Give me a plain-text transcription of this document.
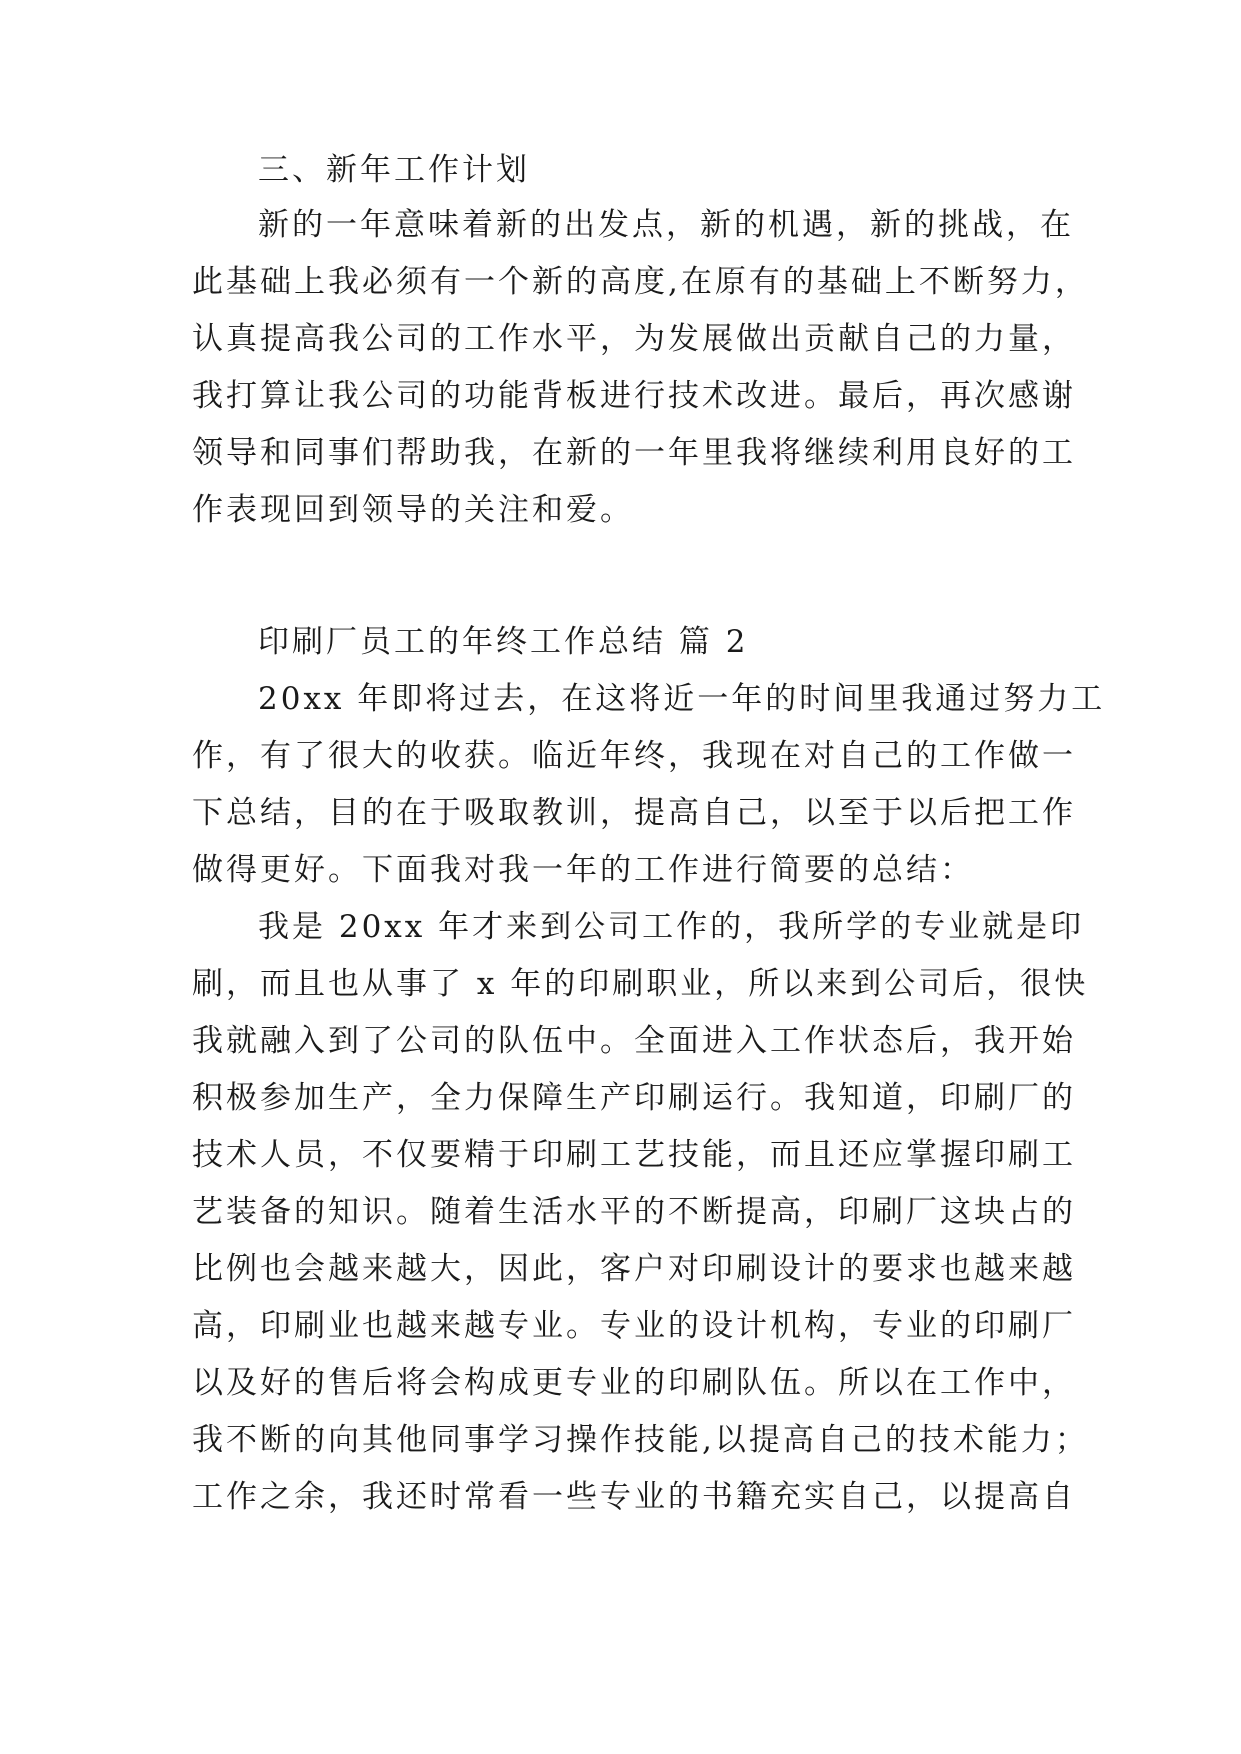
三、新年工作计划
新的一年意味着新的出发点，新的机遇，新的挑战，在
此基础上我必须有一个新的高度,在原有的基础上不断努力，
认真提高我公司的工作水平，为发展做出贡献自己的力量，
我打算让我公司的功能背板进行技术改进。最后，再次感谢
领导和同事们帮助我，在新的一年里我将继续利用良好的工
作表现回到领导的关注和爱。
印刷厂员工的年终工作总结 篇 2
20xx 年即将过去，在这将近一年的时间里我通过努力工
作，有了很大的收获。临近年终，我现在对自己的工作做一
下总结，目的在于吸取教训，提高自己，以至于以后把工作
做得更好。下面我对我一年的工作进行简要的总结：
我是 20xx 年才来到公司工作的，我所学的专业就是印
刷，而且也从事了 x 年的印刷职业，所以来到公司后，很快
我就融入到了公司的队伍中。全面进入工作状态后，我开始
积极参加生产，全力保障生产印刷运行。我知道，印刷厂的
技术人员，不仅要精于印刷工艺技能，而且还应掌握印刷工
艺装备的知识。随着生活水平的不断提高，印刷厂这块占的
比例也会越来越大，因此，客户对印刷设计的要求也越来越
高，印刷业也越来越专业。专业的设计机构，专业的印刷厂
以及好的售后将会构成更专业的印刷队伍。所以在工作中，
我不断的向其他同事学习操作技能,以提高自己的技术能力；
工作之余，我还时常看一些专业的书籍充实自己，以提高自
